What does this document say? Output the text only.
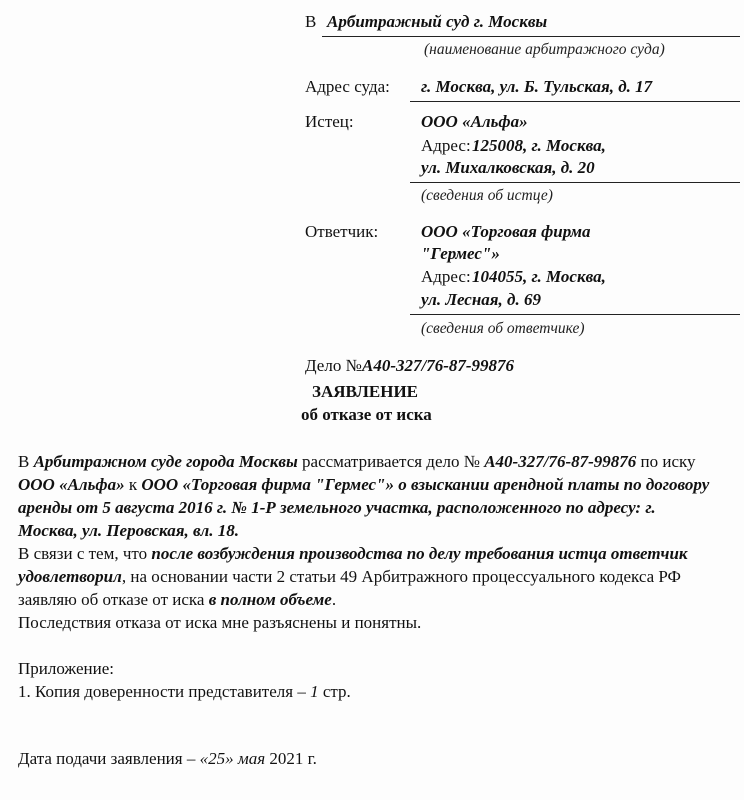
В Арбитражный суд г. Москвы
(наименование арбитражного суда)
Адрес суда: г. Москва, ул. Б. Тульская, д. 17
Истец:	ООО «Альфа»
Адрес: 125008, г. Москва,
ул. Михалковская, д. 20
(сведения об истце)
Ответчик:	ООО «Торговая фирма
"Гермес"»
Адрес: 104055, г. Москва,
ул. Лесная, д. 69
(сведения об ответчике)
Дело № А40-327/76-87-99876
ЗАЯВЛЕНИЕ
об отказе от иска
В Арбитражном суде города Москвы рассматривается дело № А40-327/76-87-99876 по иску ООО «Альфа» к ООО «Торговая фирма "Гермес"» о взыскании арендной платы по договору аренды от 5 августа 2016 г. № 1-Р земельного участка, расположенного по адресу: г. Москва, ул. Перовская, вл. 18.
В связи с тем, что после возбуждения производства по делу требования истца ответчик удовлетворил, на основании части 2 статьи 49 Арбитражного процессуального кодекса РФ заявляю об отказе от иска в полном объеме.
Последствия отказа от иска мне разъяснены и понятны.
Приложение:
1. Копия доверенности представителя – 1 стр.
Дата подачи заявления – «25» мая 2021 г.
